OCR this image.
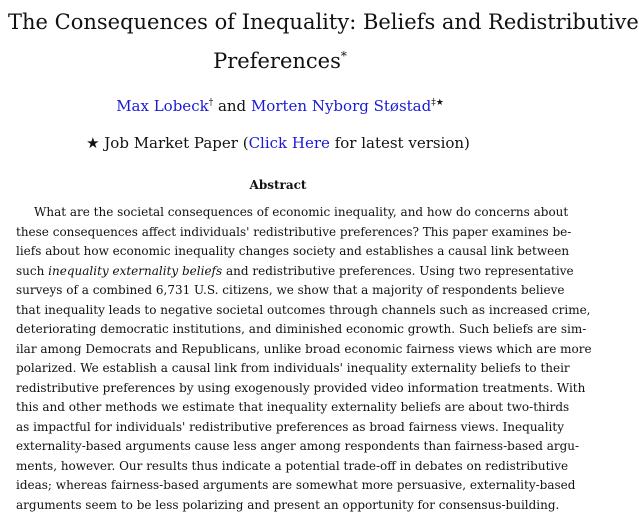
The Consequences of Inequality: Beliefs and Redistributive
Preferences*
Max Lobeck† and Morten Nyborg Støstad‡★
★ Job Market Paper (Click Here for latest version)
Abstract
What are the societal consequences of economic inequality, and how do concerns about
these consequences affect individuals' redistributive preferences? This paper examines be-
liefs about how economic inequality changes society and establishes a causal link between
such inequality externality beliefs and redistributive preferences. Using two representative
surveys of a combined 6,731 U.S. citizens, we show that a majority of respondents believe
that inequality leads to negative societal outcomes through channels such as increased crime,
deteriorating democratic institutions, and diminished economic growth. Such beliefs are sim-
ilar among Democrats and Republicans, unlike broad economic fairness views which are more
polarized. We establish a causal link from individuals' inequality externality beliefs to their
redistributive preferences by using exogenously provided video information treatments. With
this and other methods we estimate that inequality externality beliefs are about two-thirds
as impactful for individuals' redistributive preferences as broad fairness views. Inequality
externality-based arguments cause less anger among respondents than fairness-based argu-
ments, however. Our results thus indicate a potential trade-off in debates on redistributive
ideas; whereas fairness-based arguments are somewhat more persuasive, externality-based
arguments seem to be less polarizing and present an opportunity for consensus-building.
